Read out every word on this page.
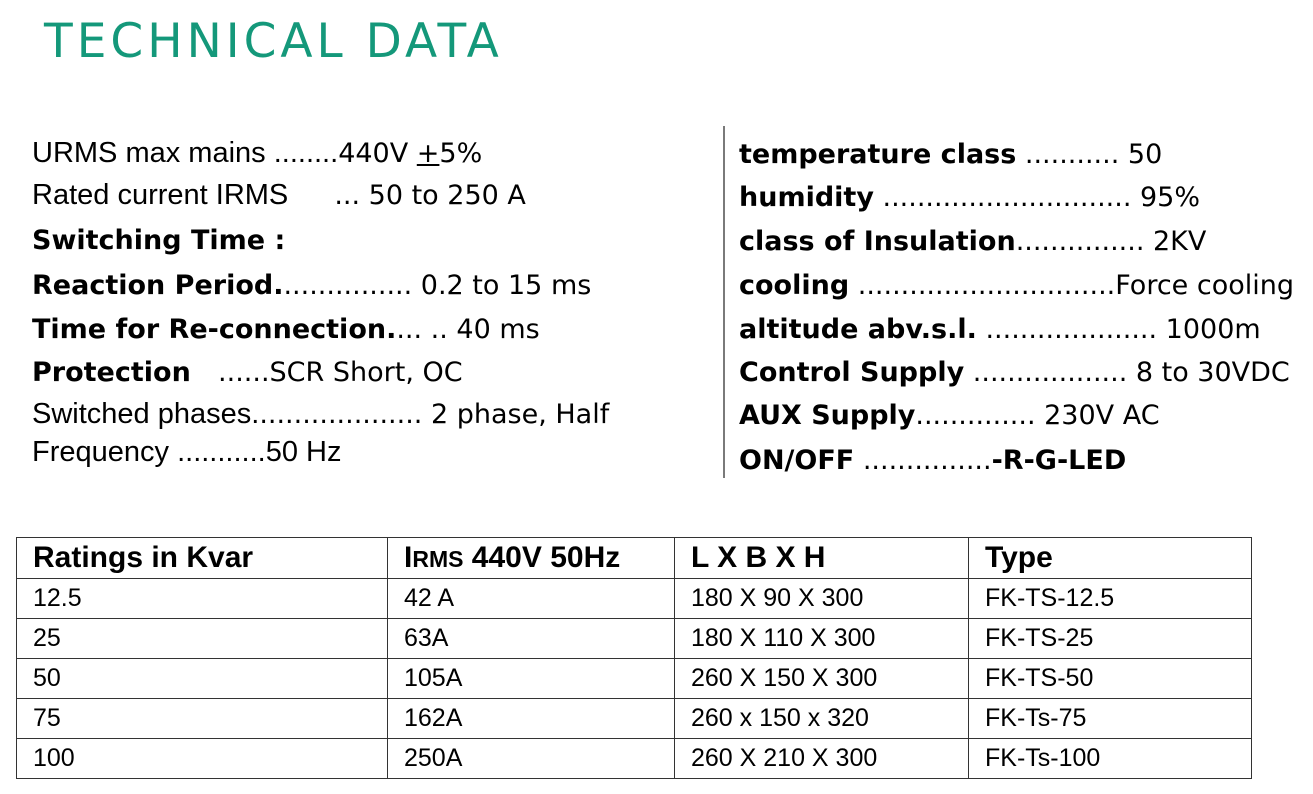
TECHNICAL DATA
URMS max mains ........440V +5%
Rated current IRMS ... 50 to 250 A
Switching Time :
Reaction Period................ 0.2 to 15 ms
Time for Re-connection.... .. 40 ms
Protection ......SCR Short, OC
Switched phases.................... 2 phase, Half
Frequency ...........50 Hz
temperature class ........... 50
humidity ............................. 95%
class of Insulation............... 2KV
cooling ..............................Force cooling
altitude abv.s.l. .................... 1000m
Control Supply .................. 8 to 30VDC
AUX Supply.............. 230V AC
ON/OFF ...............-R-G-LED
Ratings in Kvar	IRMS 440V 50Hz	L X B X H	Type
12.5	42 A	180 X 90 X 300	FK-TS-12.5
25	63A	180 X 110 X 300	FK-TS-25
50	105A	260 X 150 X 300	FK-TS-50
75	162A	260 x 150 x 320	FK-Ts-75
100	250A	260 X 210 X 300	FK-Ts-100
